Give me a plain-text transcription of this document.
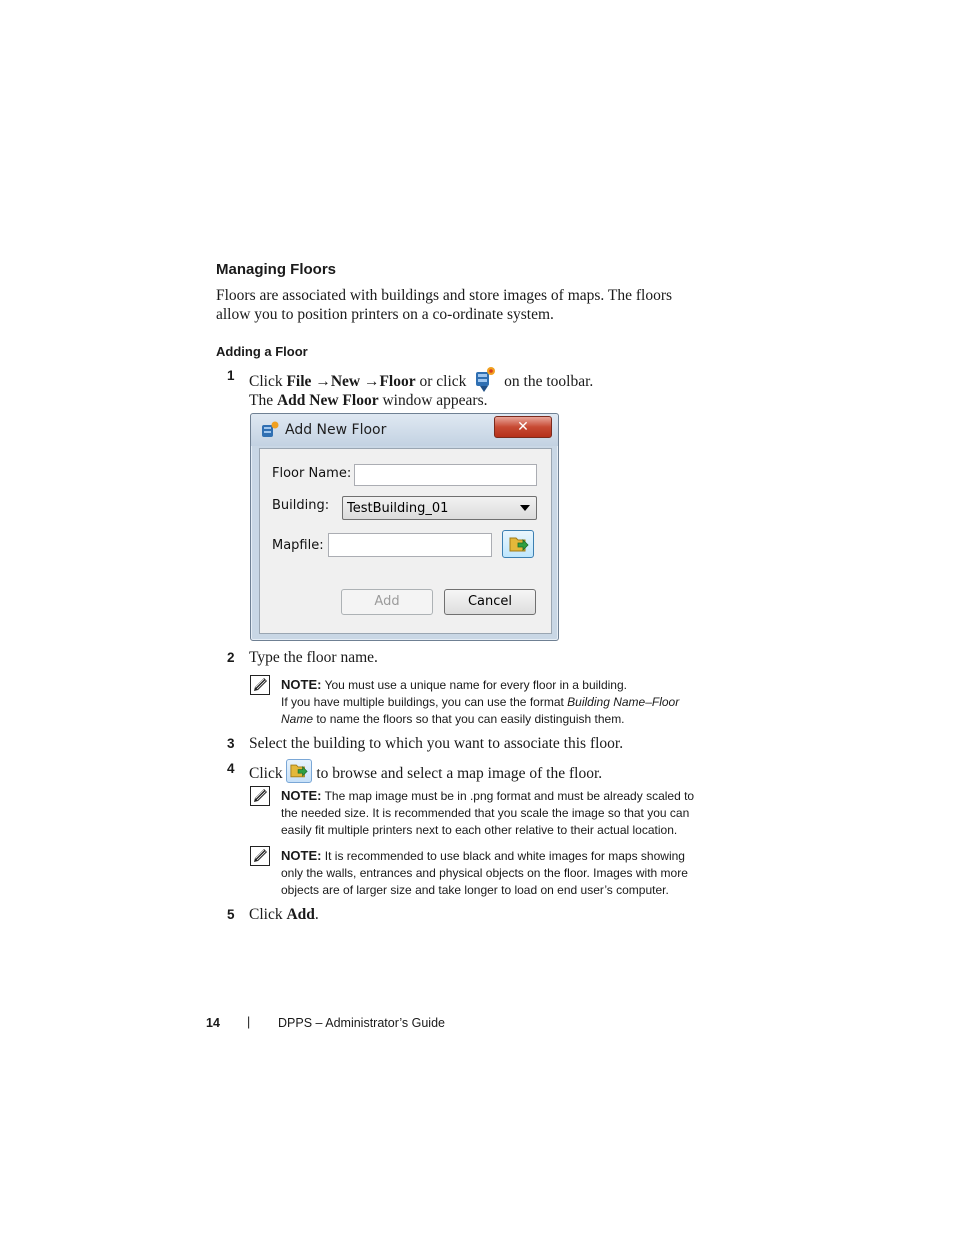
Managing Floors
Floors are associated with buildings and store images of maps. The floors
allow you to position printers on a co-ordinate system.
Adding a Floor
1 Click File →New →Floor or click on the toolbar.
The Add New Floor window appears.
Add New Floor	✕
Floor Name:
Building:	TestBuilding_01
Mapfile:
Add	Cancel
2 Type the floor name.
NOTE: You must use a unique name for every floor in a building.
If you have multiple buildings, you can use the format Building Name–Floor
Name to name the floors so that you can easily distinguish them.
3 Select the building to which you want to associate this floor.
4 Click to browse and select a map image of the floor.
NOTE: The map image must be in .png format and must be already scaled to
the needed size. It is recommended that you scale the image so that you can
easily fit multiple printers next to each other relative to their actual location.
NOTE: It is recommended to use black and white images for maps showing
only the walls, entrances and physical objects on the floor. Images with more
objects are of larger size and take longer to load on end user’s computer.
5 Click Add.
14 | DPPS – Administrator’s Guide
